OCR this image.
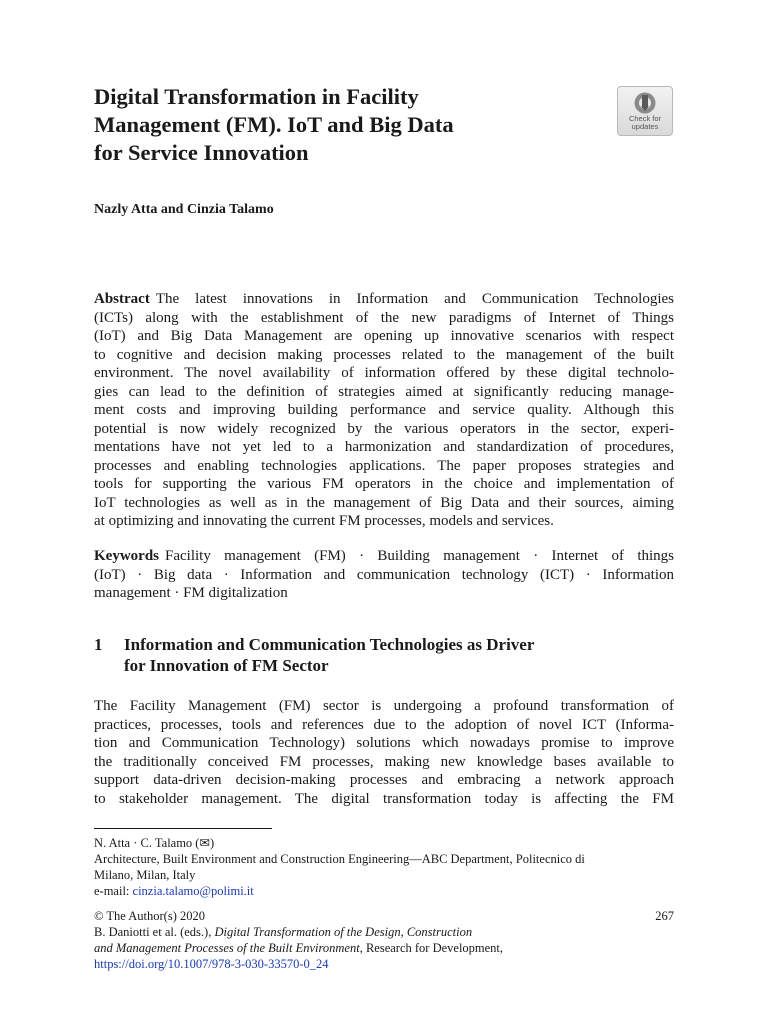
Digital Transformation in Facility
Management (FM). IoT and Big Data
for Service Innovation
Check for
updates

Nazly Atta and Cinzia Talamo

Abstract The latest innovations in Information and Communication Technologies
(ICTs) along with the establishment of the new paradigms of Internet of Things
(IoT) and Big Data Management are opening up innovative scenarios with respect
to cognitive and decision making processes related to the management of the built
environment. The novel availability of information offered by these digital technolo-
gies can lead to the definition of strategies aimed at significantly reducing manage-
ment costs and improving building performance and service quality. Although this
potential is now widely recognized by the various operators in the sector, experi-
mentations have not yet led to a harmonization and standardization of procedures,
processes and enabling technologies applications. The paper proposes strategies and
tools for supporting the various FM operators in the choice and implementation of
IoT technologies as well as in the management of Big Data and their sources, aiming
at optimizing and innovating the current FM processes, models and services.
Keywords Facility management (FM) · Building management · Internet of things
(IoT) · Big data · Information and communication technology (ICT) · Information
management · FM digitalization
1 Information and Communication Technologies as Driver
for Innovation of FM Sector
The Facility Management (FM) sector is undergoing a profound transformation of
practices, processes, tools and references due to the adoption of novel ICT (Informa-
tion and Communication Technology) solutions which nowadays promise to improve
the traditionally conceived FM processes, making new knowledge bases available to
support data-driven decision-making processes and embracing a network approach
to stakeholder management. The digital transformation today is affecting the FM
N. Atta · C. Talamo (✉)
Architecture, Built Environment and Construction Engineering—ABC Department, Politecnico di
Milano, Milan, Italy
e-mail: cinzia.talamo@polimi.it
© The Author(s) 2020	267
B. Daniotti et al. (eds.), Digital Transformation of the Design, Construction
and Management Processes of the Built Environment, Research for Development,
https://doi.org/10.1007/978-3-030-33570-0_24
